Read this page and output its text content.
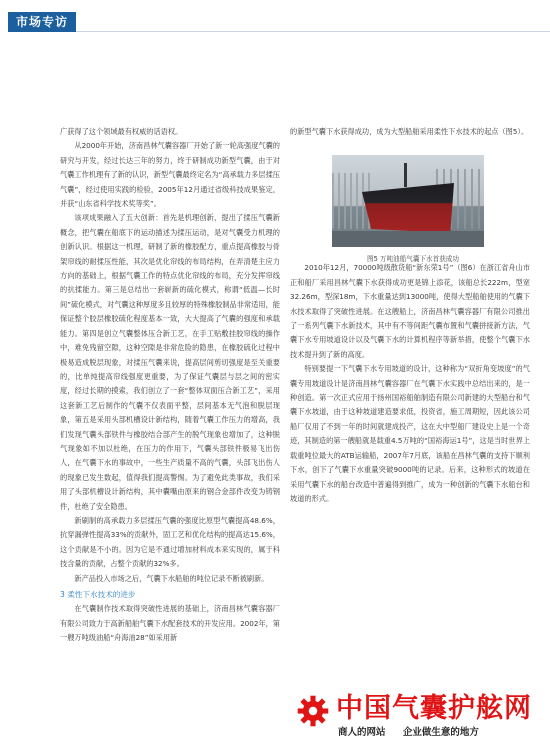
市场专访

广获得了这个领域最有权威的话语权。

从2000年开始，济南昌林气囊容器厂开始了新一轮高强度气囊的研究与开发，经过长达三年的努力，终于研制成功新型气囊，由于对气囊工作机理有了新的认识，新型气囊最终定名为“高承载力多层揉压气囊”，经过使用实践的检验，2005年12月通过省级科技成果鉴定，并获“山东省科学技术奖等奖”。

该项成果融入了五大创新：首先是机理创新，提出了揉压气囊新概念，把气囊在船底下的运动描述为揉压运动，是对气囊受力机理的创新认识。根据这一机理，研制了新的橡胶配方，重点提高橡胶与骨架帘线的耐揉压性能，其次是优化帘线的布局结构，在弄清楚主应力方向的基础上，根据气囊工作的特点优化帘线的布局，充分发挥帘线的抗揉能力。第三是总结出一套崭新的硫化模式，称谓“低温—长时间”硫化模式，对气囊这种厚度多且较厚的特殊橡胶制品非常适用，能保证整个胶层橡胶硫化程度基本一致，大大提高了气囊的强度和承载能力。第四是创立气囊整体压合新工艺，在手工贴敷挂胶帘线的操作中，难免残留空隙，这种空隙是非常危险的隐患，在橡胶硫化过程中极易造成脱层现象，对揉压气囊来说，提高层间剪切强度是至关重要的，比单纯提高帘线强度更重要，为了保证气囊层与层之间的密实度，经过长期的摸索，我们创立了一套“整体双面压合新工艺”，采用这套新工艺后制作的气囊不仅表面平整，层间基本无气泡和脱层现象，第五是采用头部机槽设计新结构，随着气囊工作压力的增高，我们发现气囊头部铁件与橡胶结合部产生的脱气现象也增加了，这种脱气现象如不加以杜绝，在压力的作用下，气囊头部铁件极易飞出伤人，在气囊下水的事故中，一些生产质量不高的气囊，头部飞出伤人的现象已发生数起，值得我们提高警惕。为了避免此类事故，我们采用了头部机槽设计新结构，其中囊嘴由原来的钢合金部件改变为铸钢件，杜绝了安全隐患。

新刷制的高承载力多层揉压气囊的强度比原型气囊提高48.6%，抗穿漏弹性提高33%的贡献外，固工艺和优化结构的提高达15.6%，这个贡献是不小的。因为它是不通过增加材料成本来实现的，属于科技含量的贡献，占整个贡献的32%多。

新产品投入市场之后，气囊下水船舶的吨位记录不断被刷新。

3 柔性下水技术的进步

在气囊制作技术取得突破性进展的基础上，济南昌林气囊容器厂有限公司致力于高新船舶气囊下水配套技术的开发应用。2002年，第一艘万吨级油船“舟海油28”如采用新

的新型气囊下水获得成功，成为大型船舶采用柔性下水技术的起点（图5）。

2010年12月，70000吨级散货船“新东荣1号”（图6）在浙江省舟山市正和船厂采用昌林气囊下水获得成功更是锦上添花，该船总长222m，型宽32.26m，型深18m，下水重量达到13000吨，使得大型船舶使用的气囊下水技术取得了突破性进展。在这艘船上，济南昌林气囊容器厂有限公司推出了一系列气囊下水新技术，其中有不等间距气囊布置和气囊拼接新方法，气囊下水专用坡道设计以及气囊下水的计算机程序等新举措，使整个气囊下水技术提升到了新的高度。

特别要提一下气囊下水专用坡道的设计，这种称为“双折角变坡度”的气囊专用坡道设计是济南昌林气囊容器厂在气囊下水实践中总结出来的，是一种创造。第一次正式应用于扬州国裕船舶制造有限公司新建的大型船台和气囊下水坡道，由于这种坡道建造要求低，投资省，施工周期短，因此该公司船厂仅用了不到一年的时间就建成投产，这在大中型船厂建设史上是一个奇迹，其制造的第一艘船就是载重4.5万吨的“国裕海运1号”，这是当时世界上载重吨位最大的ATB运输船，2007年7月底，该船在昌林气囊的支持下顺利下水，创下了气囊下水重量突破9000吨的记录。后来，这种形式的坡道在采用气囊下水的船台改造中普遍得到推广，成为一种创新的气囊下水船台和坡道的形式。

图5 万吨油船气囊下水首获成功
中国气囊护舷网
商人的网站 企业做生意的地方
